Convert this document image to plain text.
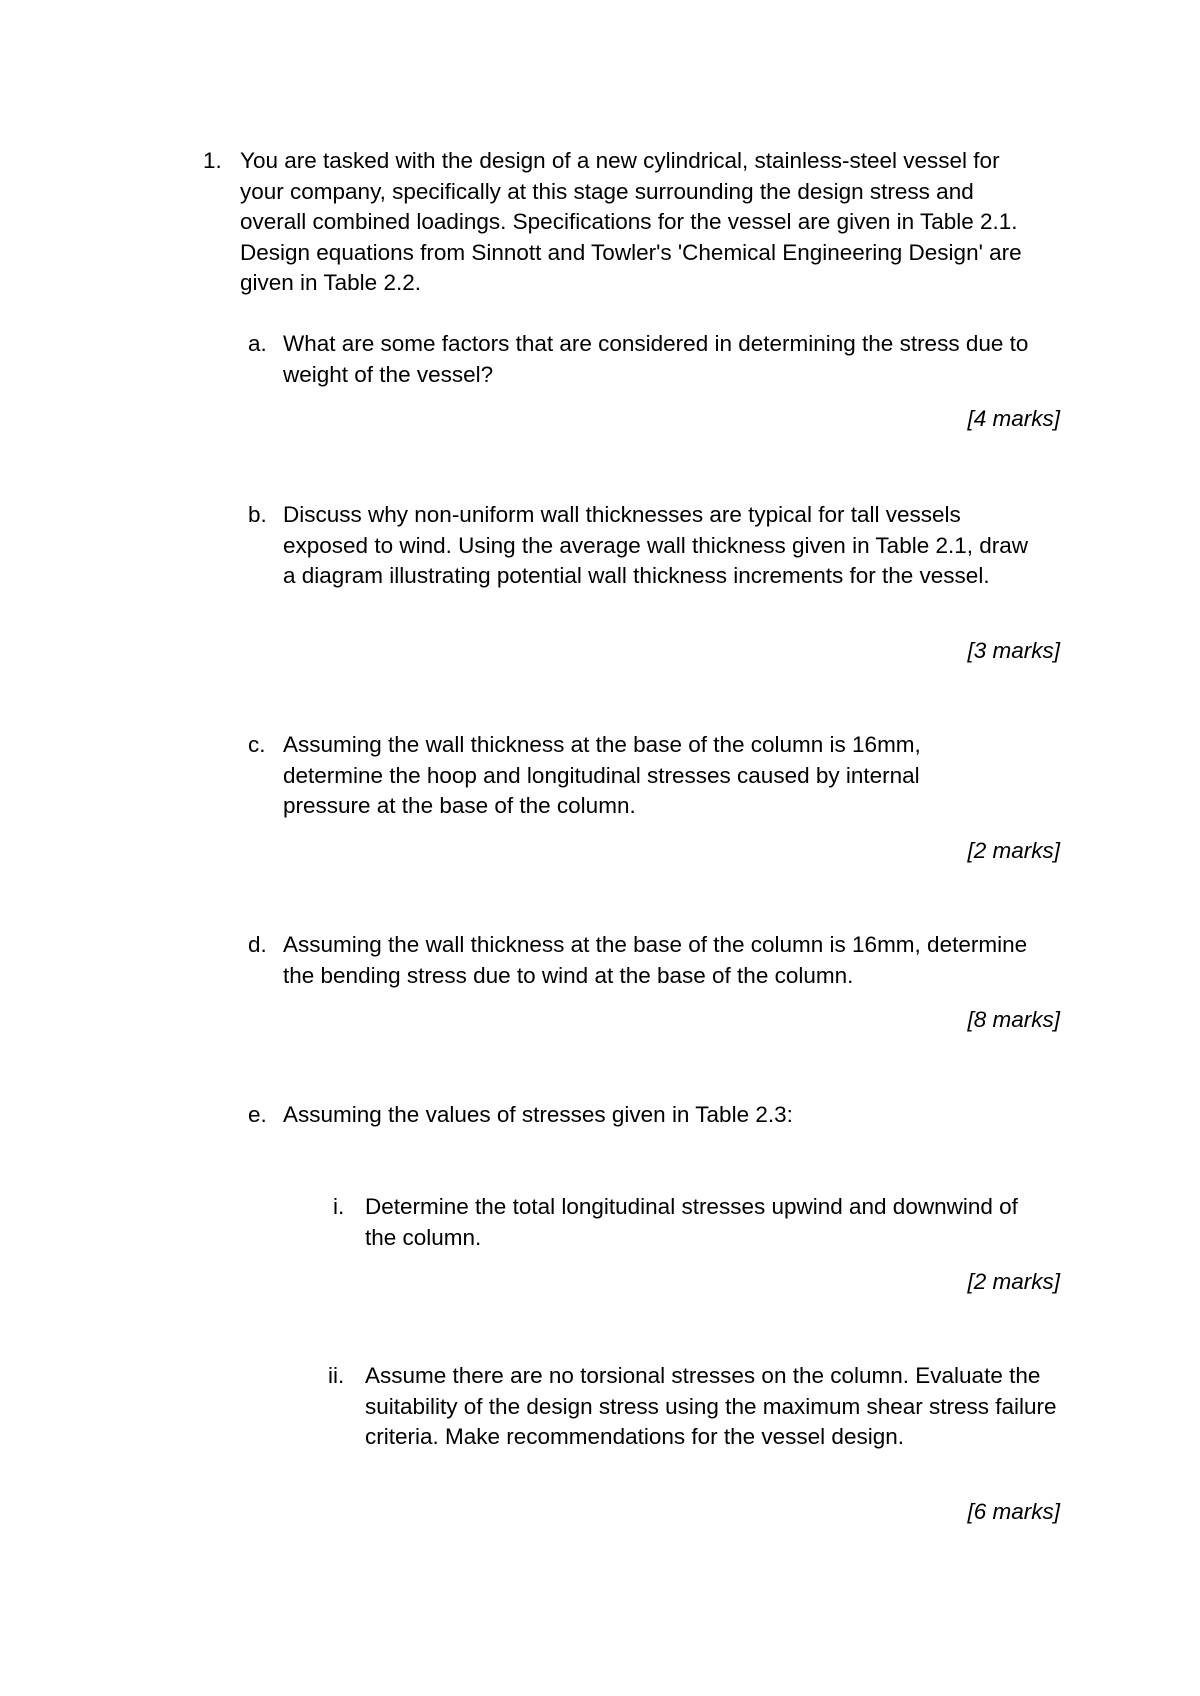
1. You are tasked with the design of a new cylindrical, stainless-steel vessel for your company, specifically at this stage surrounding the design stress and overall combined loadings. Specifications for the vessel are given in Table 2.1. Design equations from Sinnott and Towler's 'Chemical Engineering Design' are given in Table 2.2.
a. What are some factors that are considered in determining the stress due to weight of the vessel?
[4 marks]
b. Discuss why non-uniform wall thicknesses are typical for tall vessels exposed to wind. Using the average wall thickness given in Table 2.1, draw a diagram illustrating potential wall thickness increments for the vessel.
[3 marks]
c. Assuming the wall thickness at the base of the column is 16mm, determine the hoop and longitudinal stresses caused by internal pressure at the base of the column.
[2 marks]
d. Assuming the wall thickness at the base of the column is 16mm, determine the bending stress due to wind at the base of the column.
[8 marks]
e. Assuming the values of stresses given in Table 2.3:
i. Determine the total longitudinal stresses upwind and downwind of the column.
[2 marks]
ii. Assume there are no torsional stresses on the column. Evaluate the suitability of the design stress using the maximum shear stress failure criteria. Make recommendations for the vessel design.
[6 marks]
